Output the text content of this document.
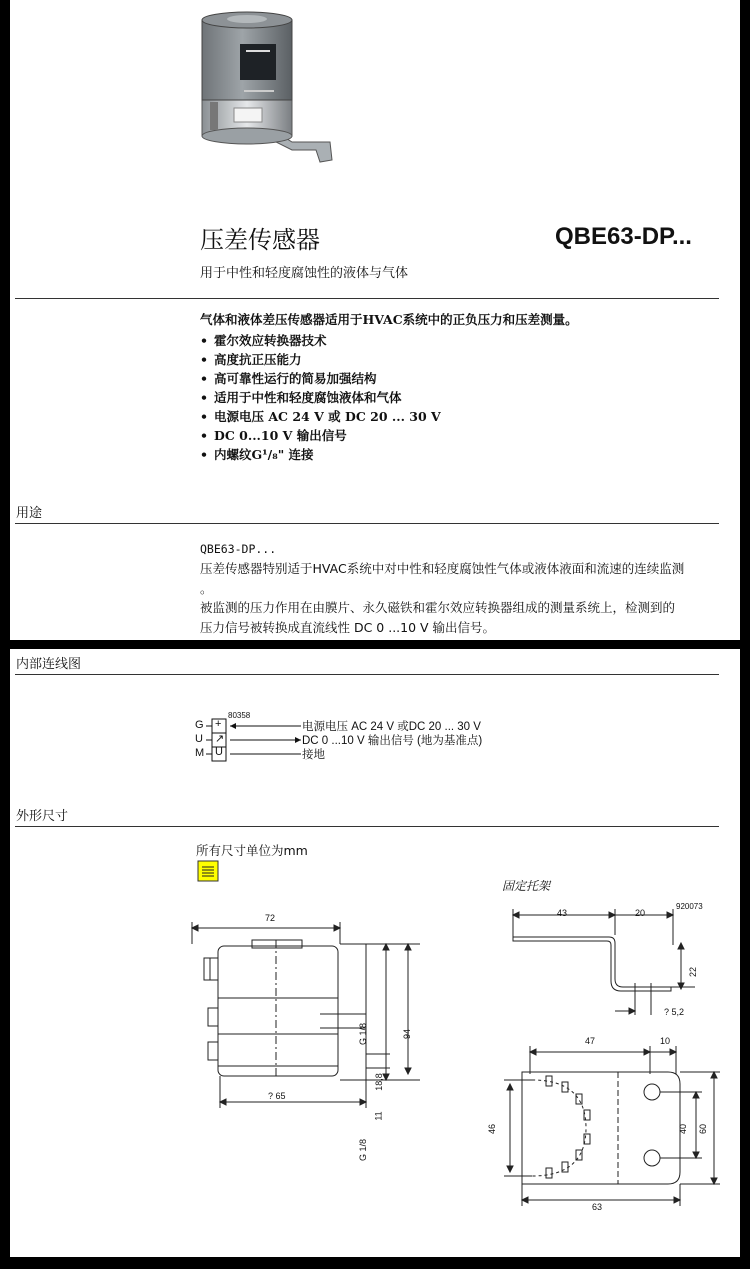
压差传感器	QBE63-DP...
用于中性和轻度腐蚀性的液体与气体
气体和液体差压传感器适用于HVAC系统中的正负压力和压差测量。
• 霍尔效应转换器技术
• 高度抗正压能力
• 高可靠性运行的简易加强结构
• 适用于中性和轻度腐蚀液体和气体
• 电源电压 AC 24 V 或 DC 20 ... 30 V
• DC 0...10 V 输出信号
• 内螺纹G¹/₈" 连接
用途
QBE63-DP...
压差传感器特别适于HVAC系统中对中性和轻度腐蚀性气体或液体液面和流速的连续监测
。
被监测的压力作用在由膜片、永久磁铁和霍尔效应转换器组成的测量系统上，检测到的
压力信号被转换成直流线性 DC 0 ...10 V 输出信号。
内部连线图
80358
G
U
M
+
↗
U
电源电压 AC 24 V 或DC 20 ... 30 V
DC 0 ...10 V 输出信号 (地为基准点)
接地
外形尺寸
所有尺寸单位为mm
固定托架
920073
72
94
G 1/8
18,8
11
G 1/8
? 65
43	20
22
? 5,2
47	10
46	40 60
63
